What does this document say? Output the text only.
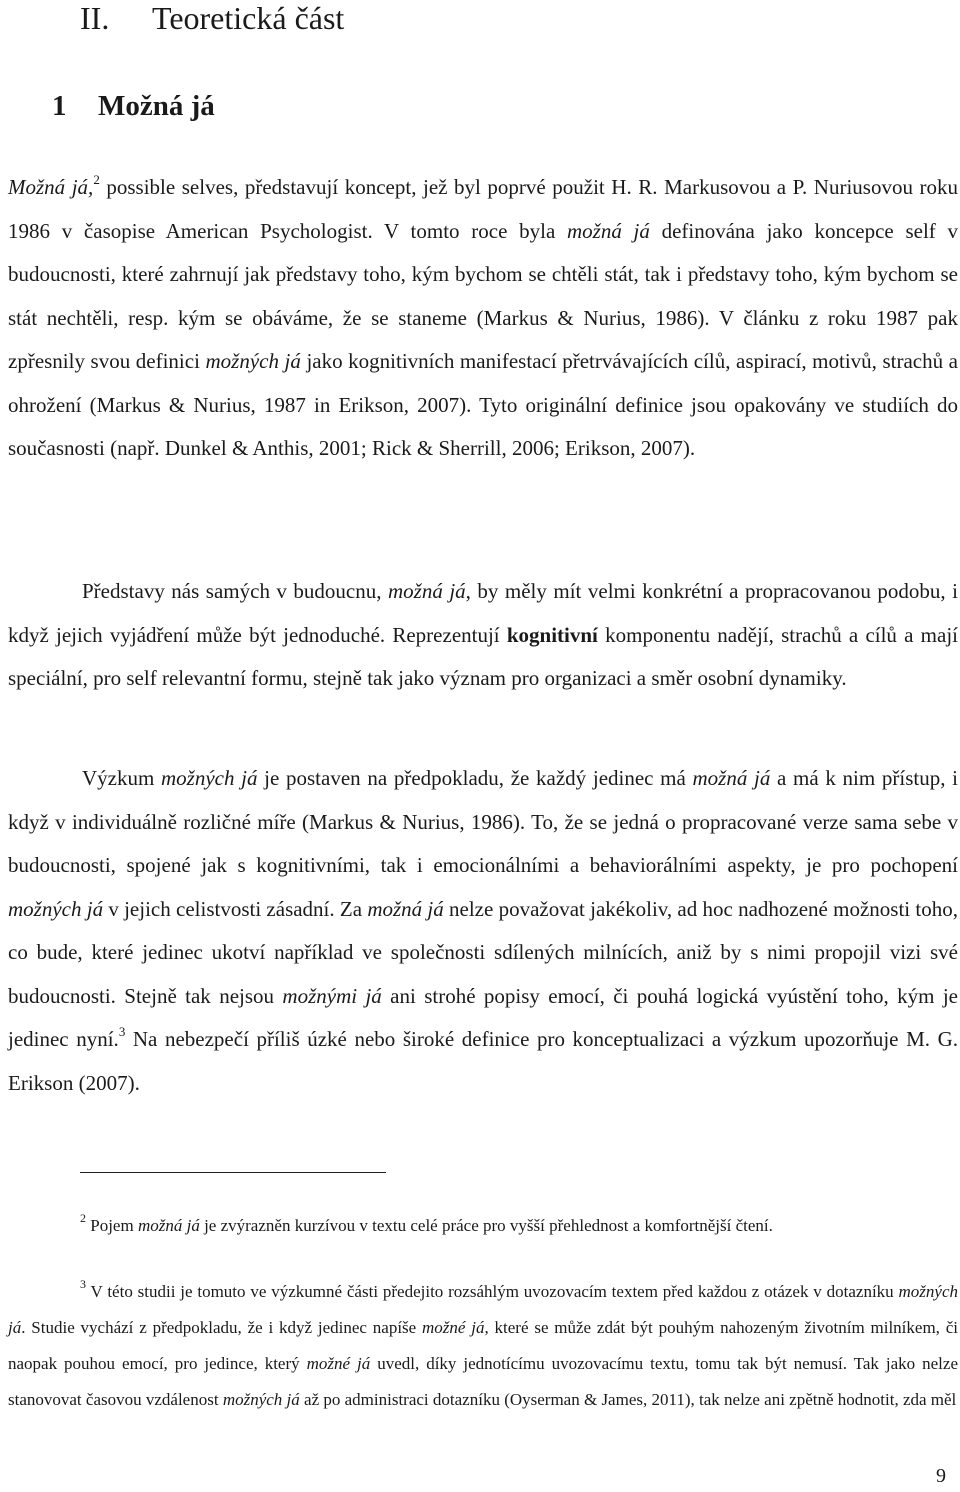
II. Teoretická část
1 Možná já

Možná já,$^2$ possible selves, představují koncept, jež byl poprvé použit H. R. Markusovou a P. Nuriusovou roku 1986 v časopise American Psychologist. V tomto roce byla možná já definována jako koncepce self v budoucnosti, které zahrnují jak představy toho, kým bychom se chtěli stát, tak i představy toho, kým bychom se stát nechtěli, resp. kým se obáváme, že se staneme (Markus & Nurius, 1986). V článku z roku 1987 pak zpřesnily svou definici možných já jako kognitivních manifestací přetrvávajících cílů, aspirací, motivů, strachů a ohrožení (Markus & Nurius, 1987 in Erikson, 2007). Tyto originální definice jsou opakovány ve studiích do současnosti (např. Dunkel & Anthis, 2001; Rick & Sherrill, 2006; Erikson, 2007).

Představy nás samých v budoucnu, možná já, by měly mít velmi konkrétní a propracovanou podobu, i když jejich vyjádření může být jednoduché. Reprezentují kognitivní komponentu nadějí, strachů a cílů a mají speciální, pro self relevantní formu, stejně tak jako význam pro organizaci a směr osobní dynamiky.

Výzkum možných já je postaven na předpokladu, že každý jedinec má možná já a má k nim přístup, i když v individuálně rozličné míře (Markus & Nurius, 1986). To, že se jedná o propracované verze sama sebe v budoucnosti, spojené jak s kognitivními, tak i emocionálními a behaviorálními aspekty, je pro pochopení možných já v jejich celistvosti zásadní. Za možná já nelze považovat jakékoliv, ad hoc nadhozené možnosti toho, co bude, které jedinec ukotví například ve společnosti sdílených milnících, aniž by s nimi propojil vizi své budoucnosti. Stejně tak nejsou možnými já ani strohé popisy emocí, či pouhá logická vyústění toho, kým je jedinec nyní.$^3$ Na nebezpečí příliš úzké nebo široké definice pro konceptualizaci a výzkum upozorňuje M. G. Erikson (2007).

$^2$ Pojem možná já je zvýrazněn kurzívou v textu celé práce pro vyšší přehlednost a komfortnější čtení.

$^3$ V této studii je tomuto ve výzkumné části předejito rozsáhlým uvozovacím textem před každou z otázek v dotazníku možných já. Studie vychází z předpokladu, že i když jedinec napíše možné já, které se může zdát být pouhým nahozeným životním milníkem, či naopak pouhou emocí, pro jedince, který možné já uvedl, díky jednotícímu uvozovacímu textu, tomu tak být nemusí. Tak jako nelze stanovovat časovou vzdálenost možných já až po administraci dotazníku (Oyserman & James, 2011), tak nelze ani zpětně hodnotit, zda měl

9
